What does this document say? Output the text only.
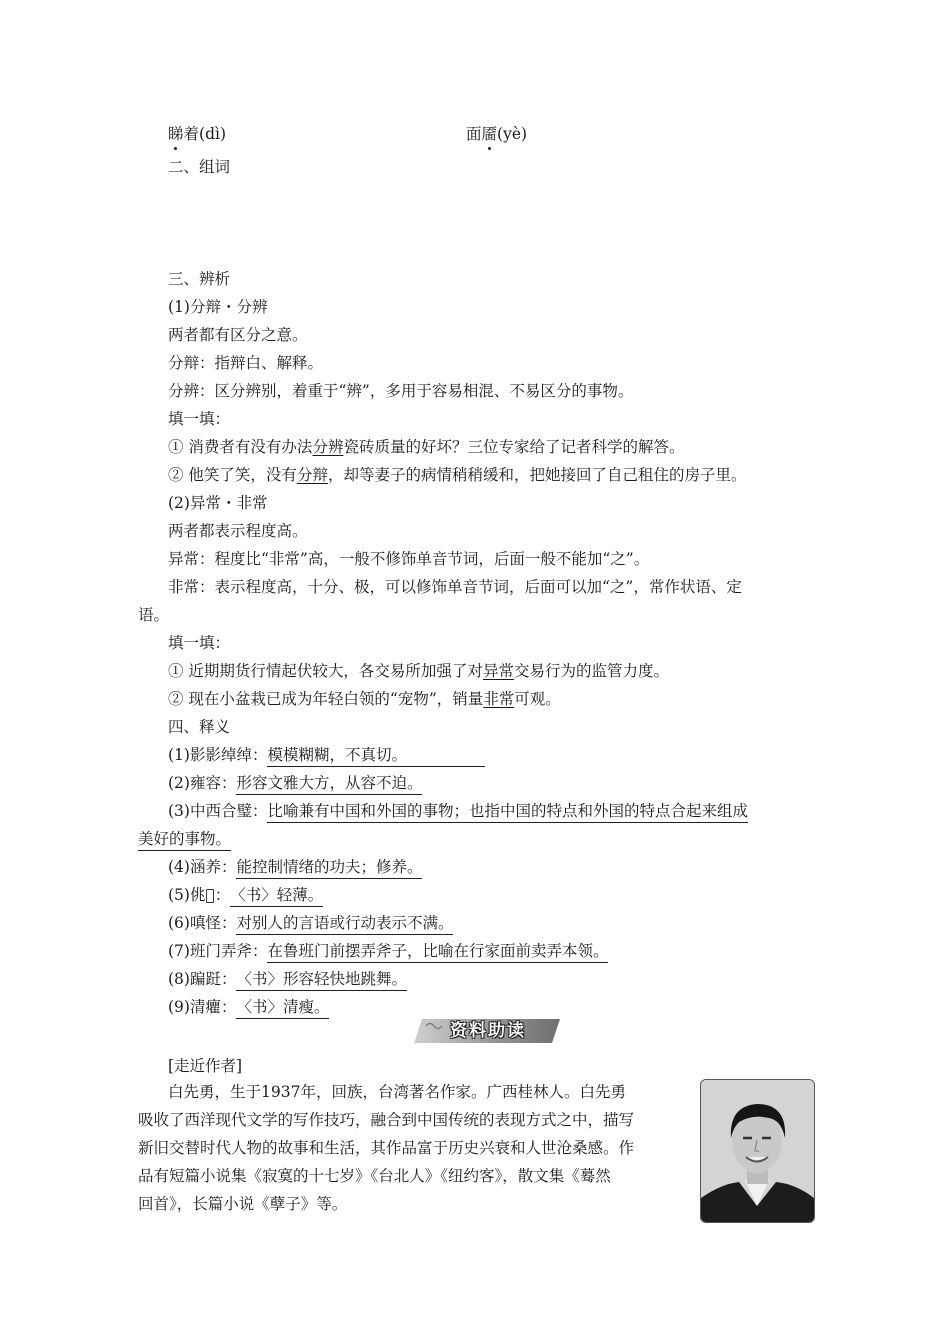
睇着(dì)	面靥(yè)
二、组词
三、辨析
(1)分辩・分辨
两者都有区分之意。
分辩：指辩白、解释。
分辨：区分辨别，着重于“辨”，多用于容易相混、不易区分的事物。
填一填：
① 消费者有没有办法分辨瓷砖质量的好坏？三位专家给了记者科学的解答。
② 他笑了笑，没有分辩，却等妻子的病情稍稍缓和，把她接回了自己租住的房子里。
(2)异常・非常
两者都表示程度高。
异常：程度比“非常”高，一般不修饰单音节词，后面一般不能加“之”。
非常：表示程度高，十分、极，可以修饰单音节词，后面可以加“之”，常作状语、定
语。
填一填：
① 近期期货行情起伏较大，各交易所加强了对异常交易行为的监管力度。
② 现在小盆栽已成为年轻白领的“宠物”，销量非常可观。
四、释义
(1)影影绰绰：模模糊糊，不真切。
(2)雍容：形容文雅大方，从容不迫。
(3)中西合璧：比喻兼有中国和外国的事物；也指中国的特点和外国的特点合起来组成
美好的事物。
(4)涵养：能控制情绪的功夫；修养。
(5)佻𫛜：〈书〉轻薄。
(6)嗔怪：对别人的言语或行动表示不满。
(7)班门弄斧：在鲁班门前摆弄斧子，比喻在行家面前卖弄本领。
(8)蹁跹：〈书〉形容轻快地跳舞。
(9)清癯：〈书〉清瘦。
资料助读
[走近作者]
白先勇，生于1937年，回族，台湾著名作家。广西桂林人。白先勇
吸收了西洋现代文学的写作技巧，融合到中国传统的表现方式之中，描写
新旧交替时代人物的故事和生活，其作品富于历史兴衰和人世沧桑感。作
品有短篇小说集《寂寞的十七岁》《台北人》《纽约客》，散文集《蓦然
回首》，长篇小说《孽子》等。
